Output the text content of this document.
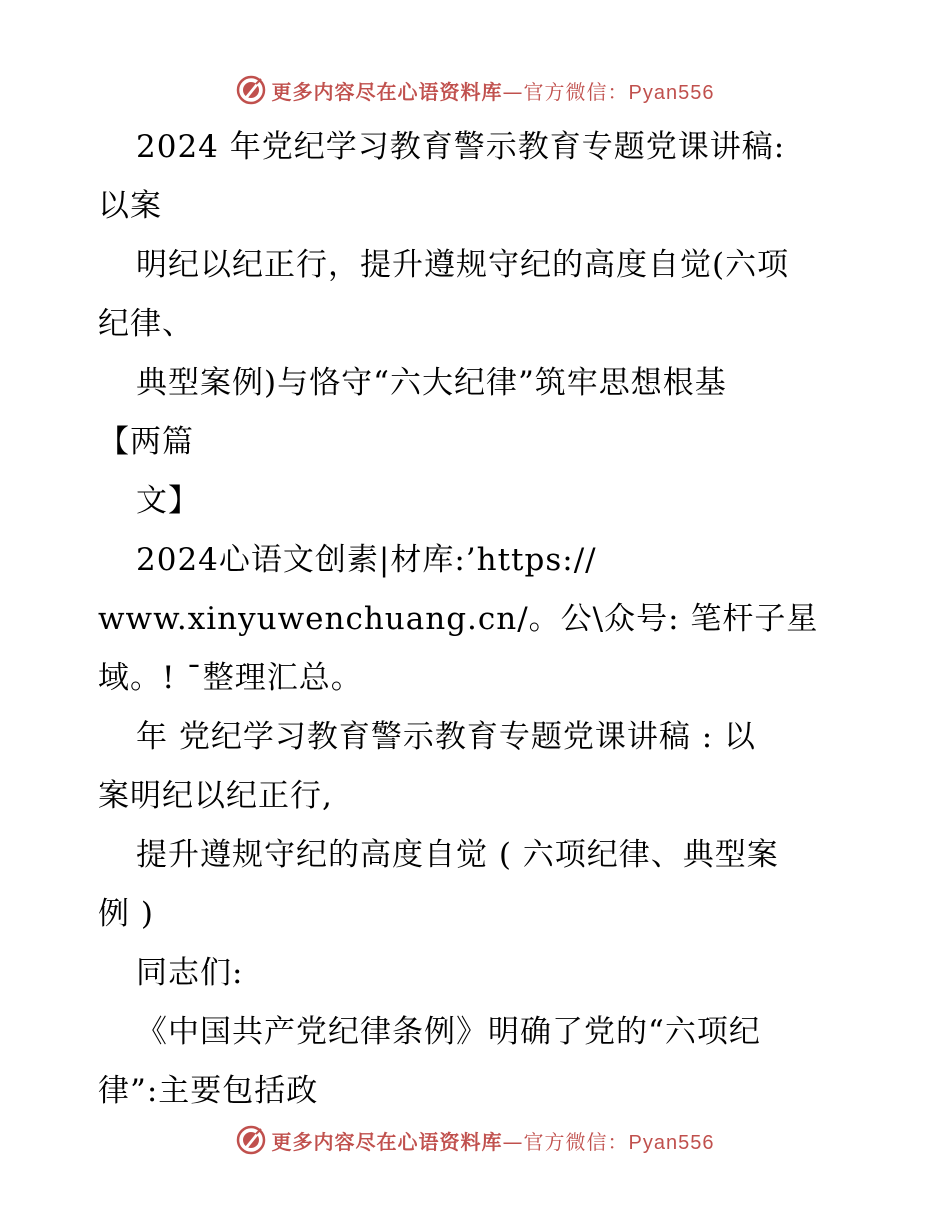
更多内容尽在心语资料库—官方微信：Pyan556
2024 年党纪学习教育警示教育专题党课讲稿:
以案
明纪以纪正行，提升遵规守纪的高度自觉(六项
纪律、
典型案例)与恪守“六大纪律”筑牢思想根基
【两篇
文】
2024心语文创素|材库:’https://
www.xinyuwenchuang.cn/。公\众号: 笔杆子星
域。! ¯整理汇总。
年 党纪学习教育警示教育专题党课讲稿 : 以
案明纪以纪正行,
提升遵规守纪的高度自觉 ( 六项纪律、典型案
例 )
同志们:
《中国共产党纪律条例》明确了党的“六项纪
律”:主要包括政
更多内容尽在心语资料库—官方微信：Pyan556
